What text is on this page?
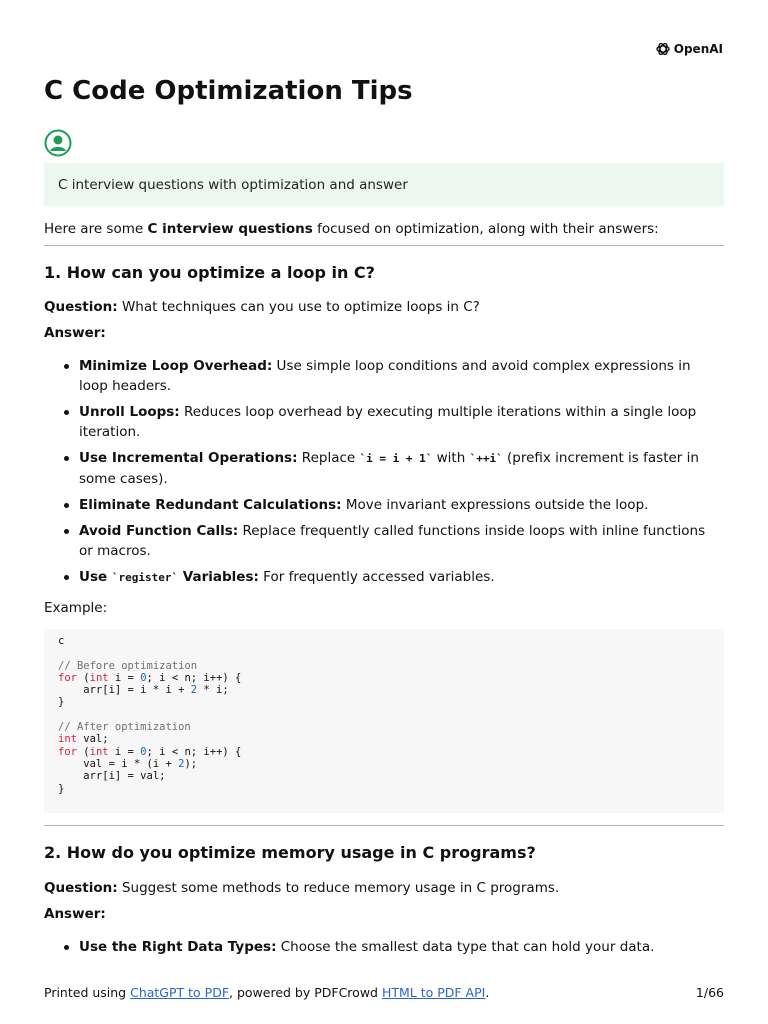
OpenAI
C Code Optimization Tips
C interview questions with optimization and answer

Here are some C interview questions focused on optimization, along with their answers:

1. How can you optimize a loop in C?

Question: What techniques can you use to optimize loops in C?

Answer:

Minimize Loop Overhead: Use simple loop conditions and avoid complex expressions in loop headers.
Unroll Loops: Reduces loop overhead by executing multiple iterations within a single loop iteration.
Use Incremental Operations: Replace `i = i + 1` with `++i` (prefix increment is faster in some cases).
Eliminate Redundant Calculations: Move invariant expressions outside the loop.
Avoid Function Calls: Replace frequently called functions inside loops with inline functions or macros.
Use `register` Variables: For frequently accessed variables.

Example:

c

// Before optimization
for (int i = 0; i < n; i++) {
arr[i] = i * i + 2 * i;
}

// After optimization
int val;
for (int i = 0; i < n; i++) {
val = i * (i + 2);
arr[i] = val;
}

2. How do you optimize memory usage in C programs?

Question: Suggest some methods to reduce memory usage in C programs.

Answer:

Use the Right Data Types: Choose the smallest data type that can hold your data.
Printed using ChatGPT to PDF, powered by PDFCrowd HTML to PDF API.	1/66
